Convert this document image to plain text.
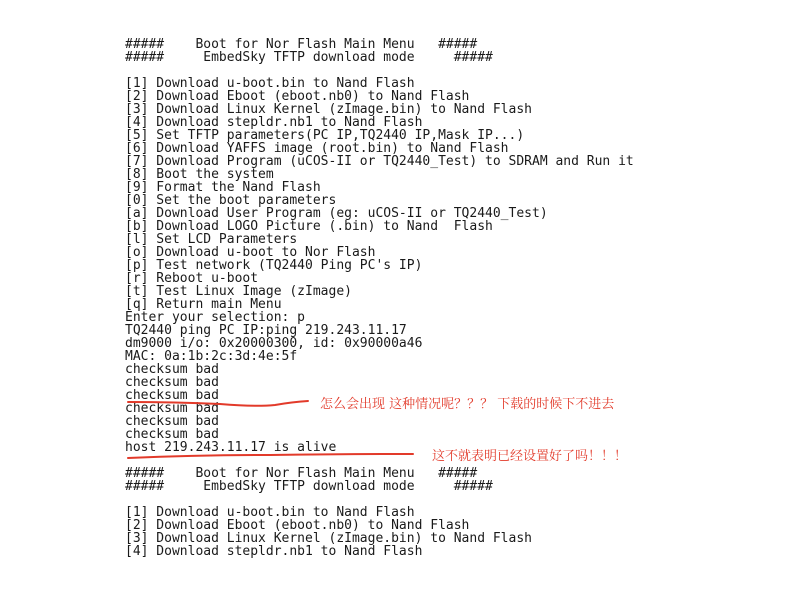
#####    Boot for Nor Flash Main Menu   #####
#####     EmbedSky TFTP download mode     #####
[1] Download u-boot.bin to Nand Flash
[2] Download Eboot (eboot.nb0) to Nand Flash
[3] Download Linux Kernel (zImage.bin) to Nand Flash
[4] Download stepldr.nb1 to Nand Flash
[5] Set TFTP parameters(PC IP,TQ2440 IP,Mask IP...)
[6] Download YAFFS image (root.bin) to Nand Flash
[7] Download Program (uCOS-II or TQ2440_Test) to SDRAM and Run it
[8] Boot the system
[9] Format the Nand Flash
[0] Set the boot parameters
[a] Download User Program (eg: uCOS-II or TQ2440_Test)
[b] Download LOGO Picture (.bin) to Nand  Flash
[l] Set LCD Parameters
[o] Download u-boot to Nor Flash
[p] Test network (TQ2440 Ping PC's IP)
[r] Reboot u-boot
[t] Test Linux Image (zImage)
[q] Return main Menu
Enter your selection: p
TQ2440 ping PC IP:ping 219.243.11.17
dm9000 i/o: 0x20000300, id: 0x90000a46
MAC: 0a:1b:2c:3d:4e:5f
checksum bad
checksum bad
checksum bad
checksum bad
checksum bad
checksum bad
host 219.243.11.17 is alive
#####    Boot for Nor Flash Main Menu   #####
#####     EmbedSky TFTP download mode     #####
[1] Download u-boot.bin to Nand Flash
[2] Download Eboot (eboot.nb0) to Nand Flash
[3] Download Linux Kernel (zImage.bin) to Nand Flash
[4] Download stepldr.nb1 to Nand Flash
怎么会出现 这种情况呢？？？ 下载的时候下不进去
这不就表明已经设置好了吗！！！
